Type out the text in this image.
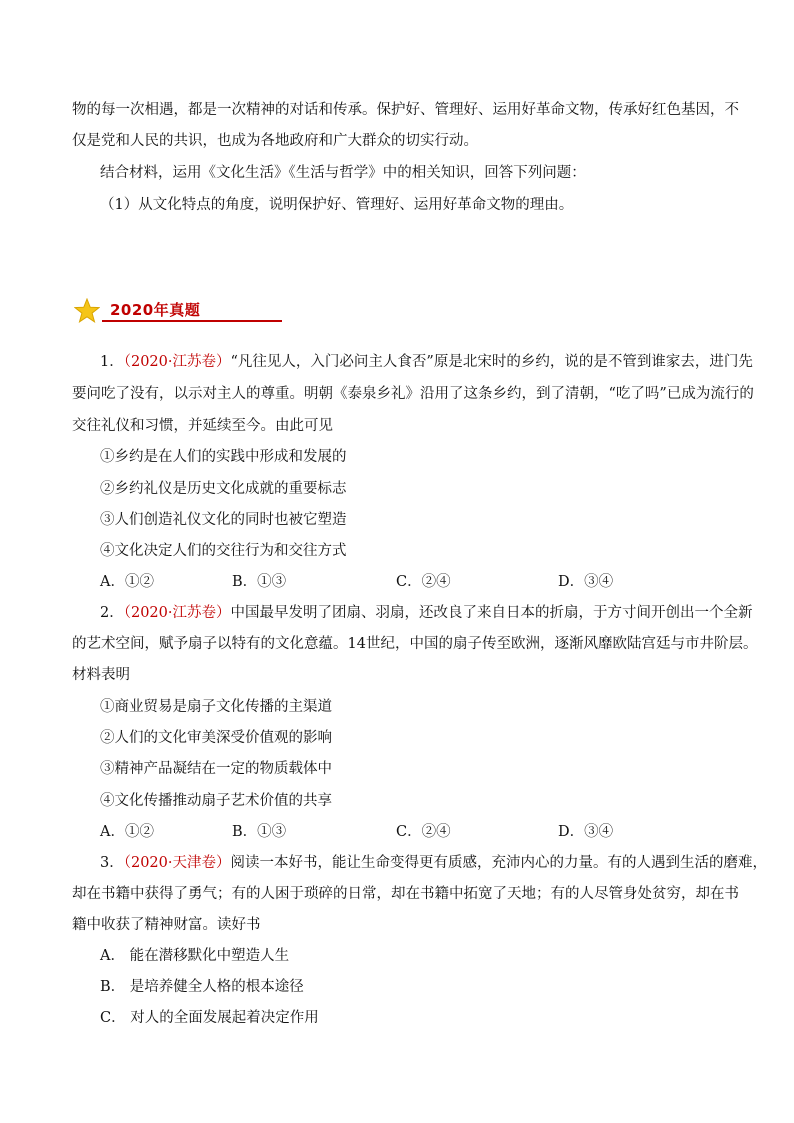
物的每一次相遇，都是一次精神的对话和传承。保护好、管理好、运用好革命文物，传承好红色基因，不
仅是党和人民的共识，也成为各地政府和广大群众的切实行动。
结合材料，运用《文化生活》《生活与哲学》中的相关知识，回答下列问题：
（1）从文化特点的角度，说明保护好、管理好、运用好革命文物的理由。
2020年真题
1．（2020·江苏卷）“凡往见人，入门必问主人食否”原是北宋时的乡约，说的是不管到谁家去，进门先
要问吃了没有，以示对主人的尊重。明朝《泰泉乡礼》沿用了这条乡约，到了清朝，“吃了吗”已成为流行的
交往礼仪和习惯，并延续至今。由此可见
①乡约是在人们的实践中形成和发展的
②乡约礼仪是历史文化成就的重要标志
③人们创造礼仪文化的同时也被它塑造
④文化决定人们的交往行为和交往方式
A．①②	B．①③	C．②④	D．③④
2．（2020·江苏卷）中国最早发明了团扇、羽扇，还改良了来自日本的折扇，于方寸间开创出一个全新
的艺术空间，赋予扇子以特有的文化意蕴。14世纪，中国的扇子传至欧洲，逐渐风靡欧陆宫廷与市井阶层。
材料表明
①商业贸易是扇子文化传播的主渠道
②人们的文化审美深受价值观的影响
③精神产品凝结在一定的物质载体中
④文化传播推动扇子艺术价值的共享
A．①②	B．①③	C．②④	D．③④
3．（2020·天津卷）阅读一本好书，能让生命变得更有质感，充沛内心的力量。有的人遇到生活的磨难，
却在书籍中获得了勇气；有的人困于琐碎的日常，却在书籍中拓宽了天地；有的人尽管身处贫穷，却在书
籍中收获了精神财富。读好书
A． 能在潜移默化中塑造人生
B． 是培养健全人格的根本途径
C． 对人的全面发展起着决定作用
